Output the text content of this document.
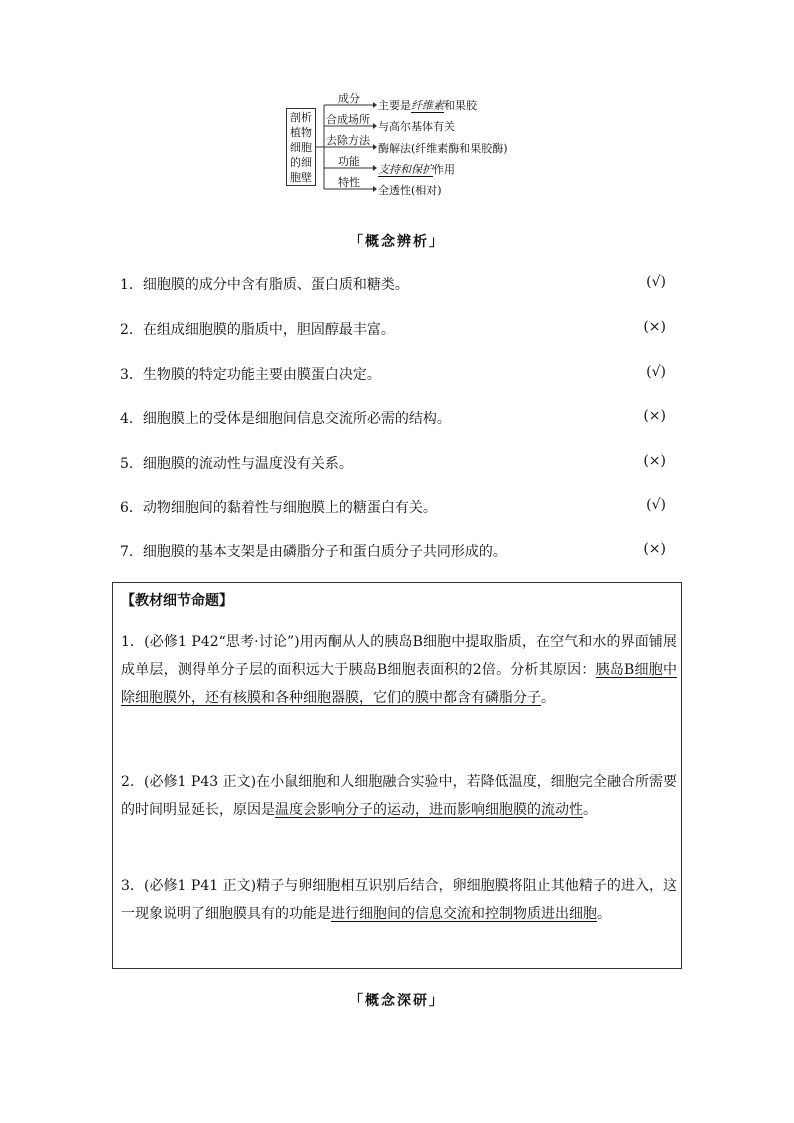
剖析
植物
细胞
的细
胞壁
成分
合成场所
去除方法
功能
特性
主要是纤维素和果胶
与高尔基体有关
酶解法(纤维素酶和果胶酶)
支持和保护作用
全透性(相对)
「概念辨析」
1．细胞膜的成分中含有脂质、蛋白质和糖类。	(√)
2．在组成细胞膜的脂质中，胆固醇最丰富。	(×)
3．生物膜的特定功能主要由膜蛋白决定。	(√)
4．细胞膜上的受体是细胞间信息交流所必需的结构。	(×)
5．细胞膜的流动性与温度没有关系。	(×)
6．动物细胞间的黏着性与细胞膜上的糖蛋白有关。	(√)
7．细胞膜的基本支架是由磷脂分子和蛋白质分子共同形成的。	(×)
【教材细节命题】
1．(必修1 P42“思考·讨论”)用丙酮从人的胰岛B细胞中提取脂质，在空气和水的界面铺展成单层，测得单分子层的面积远大于胰岛B细胞表面积的2倍。分析其原因：胰岛B细胞中除细胞膜外，还有核膜和各种细胞器膜，它们的膜中都含有磷脂分子。
2．(必修1 P43 正文)在小鼠细胞和人细胞融合实验中，若降低温度，细胞完全融合所需要的时间明显延长，原因是温度会影响分子的运动，进而影响细胞膜的流动性。
3．(必修1 P41 正文)精子与卵细胞相互识别后结合，卵细胞膜将阻止其他精子的进入，这一现象说明了细胞膜具有的功能是进行细胞间的信息交流和控制物质进出细胞。
「概念深研」
